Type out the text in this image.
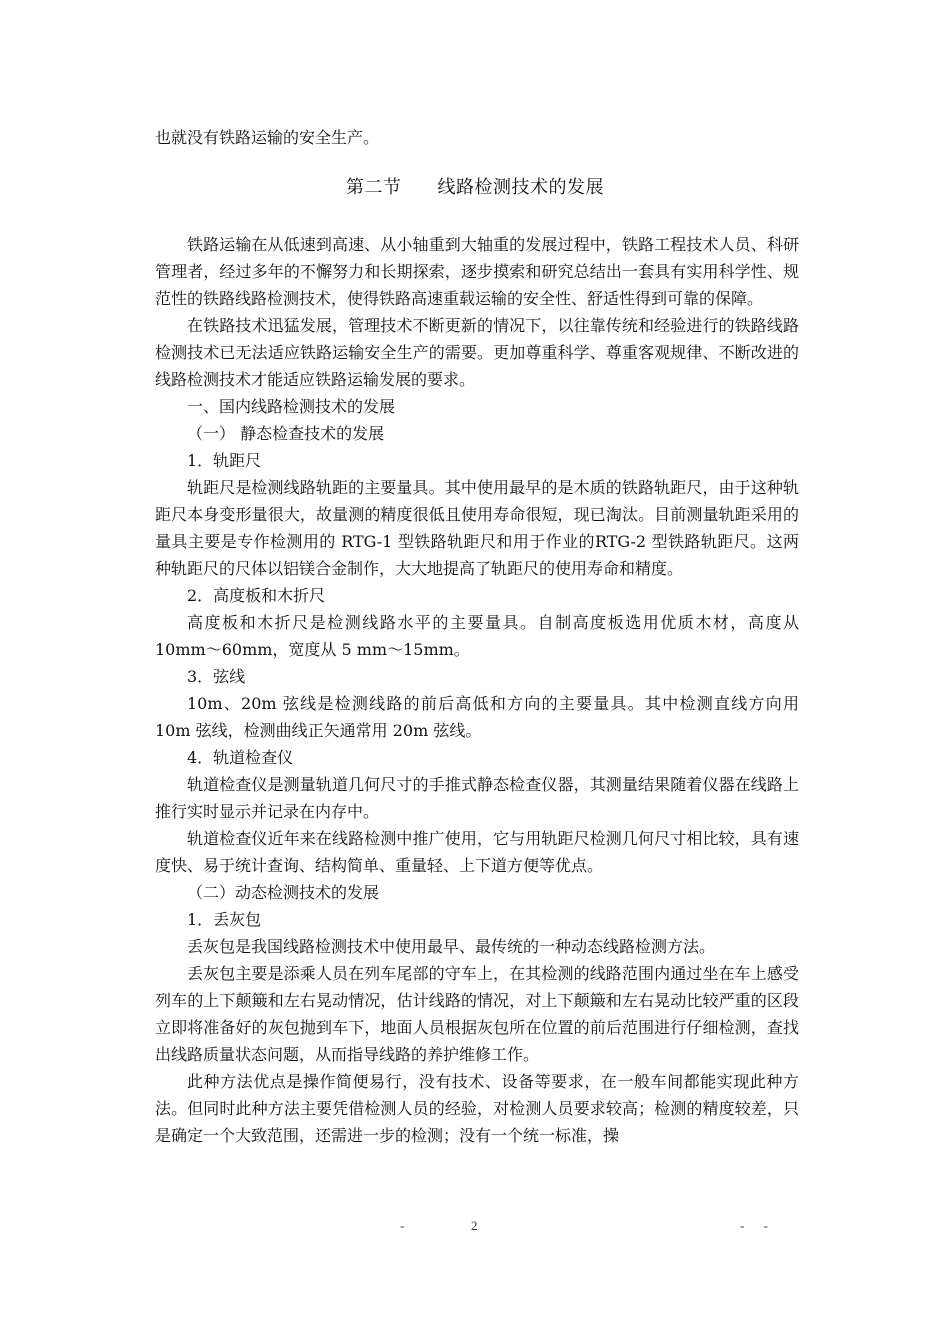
也就没有铁路运输的安全生产。
第二节 线路检测技术的发展

铁路运输在从低速到高速、从小轴重到大轴重的发展过程中，铁路工程技术人员、科研管理者，经过多年的不懈努力和长期探索，逐步摸索和研究总结出一套具有实用科学性、规范性的铁路线路检测技术，使得铁路高速重载运输的安全性、舒适性得到可靠的保障。

在铁路技术迅猛发展，管理技术不断更新的情况下，以往靠传统和经验进行的铁路线路检测技术已无法适应铁路运输安全生产的需要。更加尊重科学、尊重客观规律、不断改进的线路检测技术才能适应铁路运输发展的要求。

一、国内线路检测技术的发展

（一） 静态检查技术的发展

1．轨距尺

轨距尺是检测线路轨距的主要量具。其中使用最早的是木质的铁路轨距尺，由于这种轨距尺本身变形量很大，故量测的精度很低且使用寿命很短，现已淘汰。目前测量轨距采用的量具主要是专作检测用的 RTG-1 型铁路轨距尺和用于作业的RTG-2 型铁路轨距尺。这两种轨距尺的尺体以铝镁合金制作，大大地提高了轨距尺的使用寿命和精度。

2．高度板和木折尺

高度板和木折尺是检测线路水平的主要量具。自制高度板选用优质木材，高度从 10mm～60mm，宽度从 5 mm～15mm。

3．弦线

10m、20m 弦线是检测线路的前后高低和方向的主要量具。其中检测直线方向用 10m 弦线，检测曲线正矢通常用 20m 弦线。

4．轨道检查仪

轨道检查仪是测量轨道几何尺寸的手推式静态检查仪器，其测量结果随着仪器在线路上推行实时显示并记录在内存中。

轨道检查仪近年来在线路检测中推广使用，它与用轨距尺检测几何尺寸相比较，具有速度快、易于统计查询、结构简单、重量轻、上下道方便等优点。

（二）动态检测技术的发展

1．丢灰包

丢灰包是我国线路检测技术中使用最早、最传统的一种动态线路检测方法。

丢灰包主要是添乘人员在列车尾部的守车上，在其检测的线路范围内通过坐在车上感受列车的上下颠簸和左右晃动情况，估计线路的情况，对上下颠簸和左右晃动比较严重的区段立即将准备好的灰包抛到车下，地面人员根据灰包所在位置的前后范围进行仔细检测，查找出线路质量状态问题，从而指导线路的养护维修工作。

此种方法优点是操作简便易行，没有技术、设备等要求，在一般车间都能实现此种方法。但同时此种方法主要凭借检测人员的经验，对检测人员要求较高；检测的精度较差，只是确定一个大致范围，还需进一步的检测；没有一个统一标准，操

-	2	- -
